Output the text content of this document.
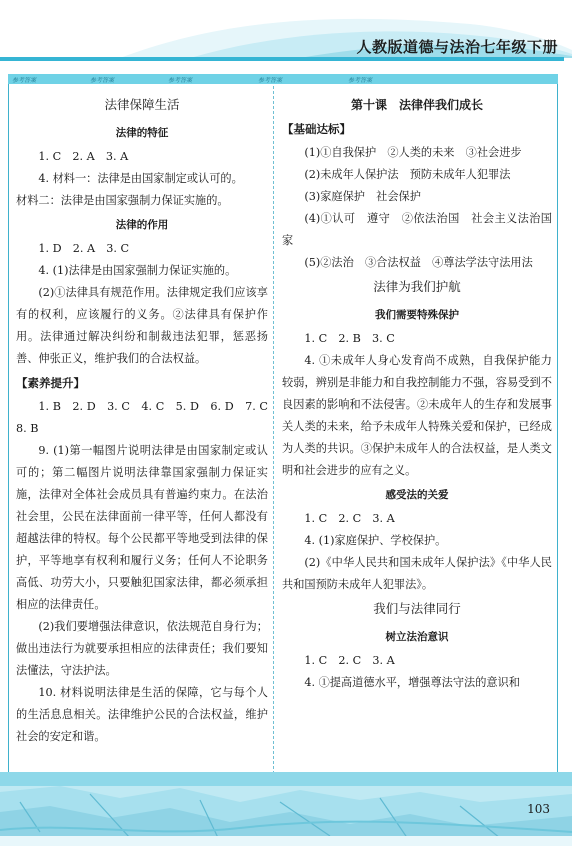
人教版道德与法治七年级下册
参考答案	参考答案	参考答案	参考答案	参考答案
法律保障生活
法律的特征

1. C　2. A　3. A

4. 材料一：法律是由国家制定或认可的。

材料二：法律是由国家强制力保证实施的。

法律的作用

1. D　2. A　3. C

4. (1)法律是由国家强制力保证实施的。

(2)①法律具有规范作用。法律规定我们应该享有的权利，应该履行的义务。②法律具有保护作用。法律通过解决纠纷和制裁违法犯罪，惩恶扬善、伸张正义，维护我们的合法权益。

【素养提升】

1. B　2. D　3. C　4. C　5. D　6. D　7. C　8. B

9. (1)第一幅图片说明法律是由国家制定或认可的；第二幅图片说明法律靠国家强制力保证实施，法律对全体社会成员具有普遍约束力。在法治社会里，公民在法律面前一律平等，任何人都没有超越法律的特权。每个公民都平等地受到法律的保护，平等地享有权利和履行义务；任何人不论职务高低、功劳大小，只要触犯国家法律，都必须承担相应的法律责任。

(2)我们要增强法律意识，依法规范自身行为；做出违法行为就要承担相应的法律责任；我们要知法懂法，守法护法。

10. 材料说明法律是生活的保障，它与每个人的生活息息相关。法律维护公民的合法权益，维护社会的安定和谐。

第十课　法律伴我们成长
【基础达标】

(1)①自我保护　②人类的未来　③社会进步

(2)未成年人保护法　预防未成年人犯罪法

(3)家庭保护　社会保护

(4)①认可　遵守　②依法治国　社会主义法治国家

(5)②法治　③合法权益　④尊法学法守法用法

法律为我们护航
我们需要特殊保护

1. C　2. B　3. C

4. ①未成年人身心发育尚不成熟，自我保护能力较弱，辨别是非能力和自我控制能力不强，容易受到不良因素的影响和不法侵害。②未成年人的生存和发展事关人类的未来，给予未成年人特殊关爱和保护，已经成为人类的共识。③保护未成年人的合法权益，是人类文明和社会进步的应有之义。

感受法的关爱

1. C　2. C　3. A

4. (1)家庭保护、学校保护。

(2)《中华人民共和国未成年人保护法》《中华人民共和国预防未成年人犯罪法》。

我们与法律同行
树立法治意识

1. C　2. C　3. A

4. ①提高道德水平，增强尊法守法的意识和

103
